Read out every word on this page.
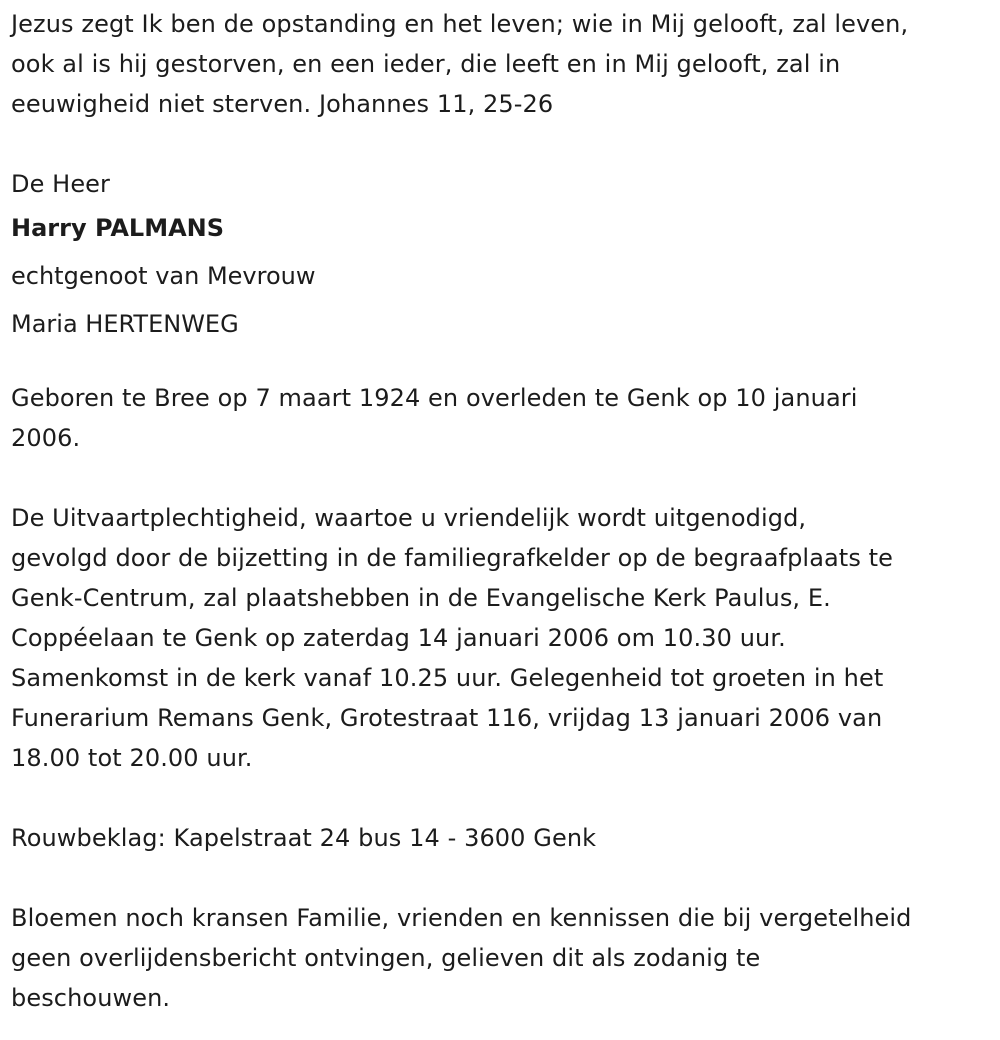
Jezus zegt Ik ben de opstanding en het leven; wie in Mij gelooft, zal leven,

ook al is hij gestorven, en een ieder, die leeft en in Mij gelooft, zal in

eeuwigheid niet sterven. Johannes 11, 25-26

De Heer

Harry PALMANS

echtgenoot van Mevrouw

Maria HERTENWEG

Geboren te Bree op 7 maart 1924 en overleden te Genk op 10 januari

2006.

De Uitvaartplechtigheid, waartoe u vriendelijk wordt uitgenodigd,

gevolgd door de bijzetting in de familiegrafkelder op de begraafplaats te

Genk-Centrum, zal plaatshebben in de Evangelische Kerk Paulus, E.

Coppéelaan te Genk op zaterdag 14 januari 2006 om 10.30 uur.

Samenkomst in de kerk vanaf 10.25 uur. Gelegenheid tot groeten in het

Funerarium Remans Genk, Grotestraat 116, vrijdag 13 januari 2006 van

18.00 tot 20.00 uur.

Rouwbeklag: Kapelstraat 24 bus 14 - 3600 Genk

Bloemen noch kransen Familie, vrienden en kennissen die bij vergetelheid

geen overlijdensbericht ontvingen, gelieven dit als zodanig te

beschouwen.
